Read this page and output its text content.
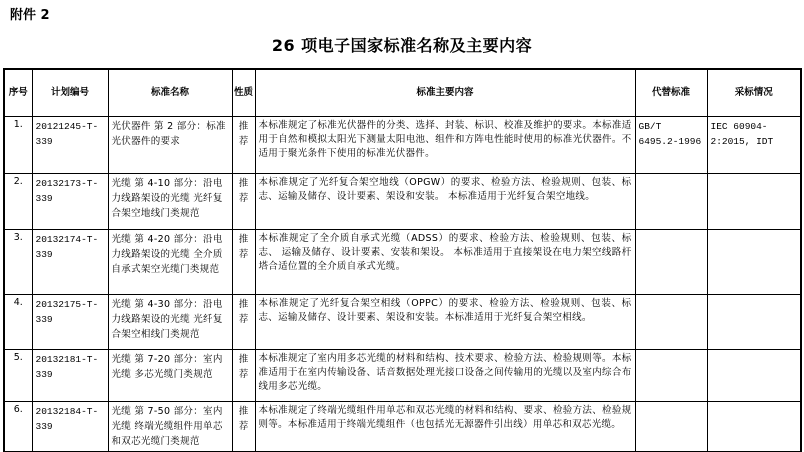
附件 2
26 项电子国家标准名称及主要内容
序号	计划编号	标准名称	性质	标准主要内容	代替标准	采标情况
1.	20121245-T-339	光伏器件 第 2 部分：标准光伏器件的要求	推荐	本标准规定了标准光伏器件的分类、选择、封装、标识、校准及维护的要求。本标准适用于自然和模拟太阳光下测量太阳电池、组件和方阵电性能时使用的标准光伏器件。不适用于聚光条件下使用的标准光伏器件。	GB/T 6495.2-1996	IEC 60904-2:2015, IDT
2.	20132173-T-339	光缆 第 4-10 部分：沿电力线路架设的光缆 光纤复合架空地线门类规范	推荐	本标准规定了光纤复合架空地线（OPGW）的要求、检验方法、检验规则、包装、标志、运输及储存、设计要素、架设和安装。 本标准适用于光纤复合架空地线。		
3.	20132174-T-339	光缆 第 4-20 部分：沿电力线路架设的光缆 全介质自承式架空光缆门类规范	推荐	本标准规定了全介质自承式光缆（ADSS）的要求、检验方法、检验规则、包装、标志、 运输及储存、设计要素、安装和架设。 本标准适用于直接架设在电力架空线路杆塔合适位置的全介质自承式光缆。		
4.	20132175-T-339	光缆 第 4-30 部分：沿电力线路架设的光缆 光纤复合架空相线门类规范	推荐	本标准规定了光纤复合架空相线（OPPC）的要求、检验方法、检验规则、包装、标志、运输及储存、设计要素、架设和安装。本标准适用于光纤复合架空相线。		
5.	20132181-T-339	光缆 第 7-20 部分：室内光缆 多芯光缆门类规范	推荐	本标准规定了室内用多芯光缆的材料和结构、技术要求、检验方法、检验规则等。本标准适用于在室内传输设备、话音数据处理光接口设备之间传输用的光缆以及室内综合布线用多芯光缆。		
6.	20132184-T-339	光缆 第 7-50 部分：室内光缆 终端光缆组件用单芯和双芯光缆门类规范	推荐	本标准规定了终端光缆组件用单芯和双芯光缆的材料和结构、要求、检验方法、检验规则等。本标准适用于终端光缆组件（也包括光无源器件引出线）用单芯和双芯光缆。		
